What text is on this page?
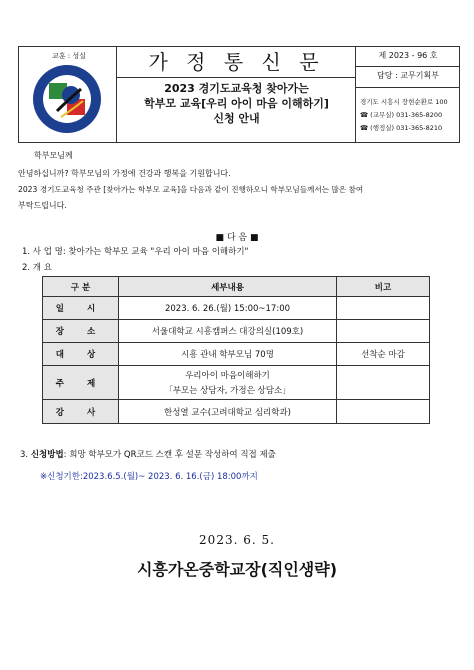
교훈 : 성실	가 정 통 신 문
2023 경기도교육청 찾아가는
학부모 교육[우리 아이 마음 이해하기]
신청 안내
제 2023 - 96 호
담당 : 교무기획부
경기도 시흥시 장현순환로 100
☎ (교무실) 031-365-8200
☎ (행정실) 031-365-8210
학부모님께
안녕하십니까? 학부모님의 가정에 건강과 행복을 기원합니다.
2023 경기도교육청 주관 [찾아가는 학부모 교육]을 다음과 같이 진행하오니 학부모님들께서는 많은 참여
부탁드립니다.
■ 다 음 ■
1. 사 업 명: 찾아가는 학부모 교육 "우리 아이 마음 이해하기"
2. 개 요
구 분	세부내용	비고
일 시	2023. 6. 26.(월) 15:00~17:00	
장 소	서울대학교 시흥캠퍼스 대강의실(109호)	
대 상	시흥 관내 학부모님 70명	선착순 마감
주 제	우리아이 마음이해하기
「부모는 상담자, 가정은 상담소」	

강 사	한성열 교수(고려대학교 심리학과)	
3. 신청방법: 희망 학부모가 QR코드 스캔 후 설문 작성하여 직접 제출
※신청기한:2023.6.5.(월)~ 2023. 6. 16.(금) 18:00까지
2023. 6. 5.
시흥가온중학교장(직인생략)
